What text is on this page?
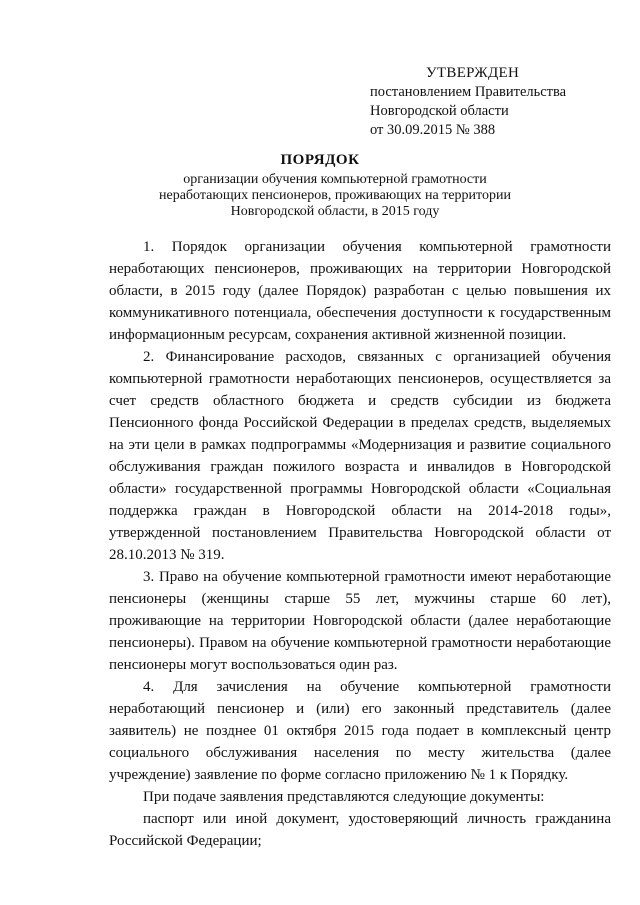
УТВЕРЖДЕН
постановлением Правительства
Новгородской области
от 30.09.2015 № 388
ПОРЯДОК
организации обучения компьютерной грамотности неработающих пенсионеров, проживающих на территории Новгородской области, в 2015 году

1. Порядок организации обучения компьютерной грамотности неработающих пенсионеров, проживающих на территории Новгородской области, в 2015 году (далее Порядок) разработан с целью повышения их коммуникативного потенциала, обеспечения доступности к государственным информационным ресурсам, сохранения активной жизненной позиции.

2. Финансирование расходов, связанных с организацией обучения компьютерной грамотности неработающих пенсионеров, осуществляется за счет средств областного бюджета и средств субсидии из бюджета Пенсионного фонда Российской Федерации в пределах средств, выделяемых на эти цели в рамках подпрограммы «Модернизация и развитие социального обслуживания граждан пожилого возраста и инвалидов в Новгородской области» государственной программы Новгородской области «Социальная поддержка граждан в Новгородской области на 2014-2018 годы», утвержденной постановлением Правительства Новгородской области от 28.10.2013 № 319.

3. Право на обучение компьютерной грамотности имеют неработающие пенсионеры (женщины старше 55 лет, мужчины старше 60 лет), проживающие на территории Новгородской области (далее неработающие пенсионеры). Правом на обучение компьютерной грамотности неработающие пенсионеры могут воспользоваться один раз.

4. Для зачисления на обучение компьютерной грамотности неработающий пенсионер и (или) его законный представитель (далее заявитель) не позднее 01 октября 2015 года подает в комплексный центр социального обслуживания населения по месту жительства (далее учреждение) заявление по форме согласно приложению № 1 к Порядку.

При подаче заявления представляются следующие документы:

паспорт или иной документ, удостоверяющий личность гражданина Российской Федерации;
